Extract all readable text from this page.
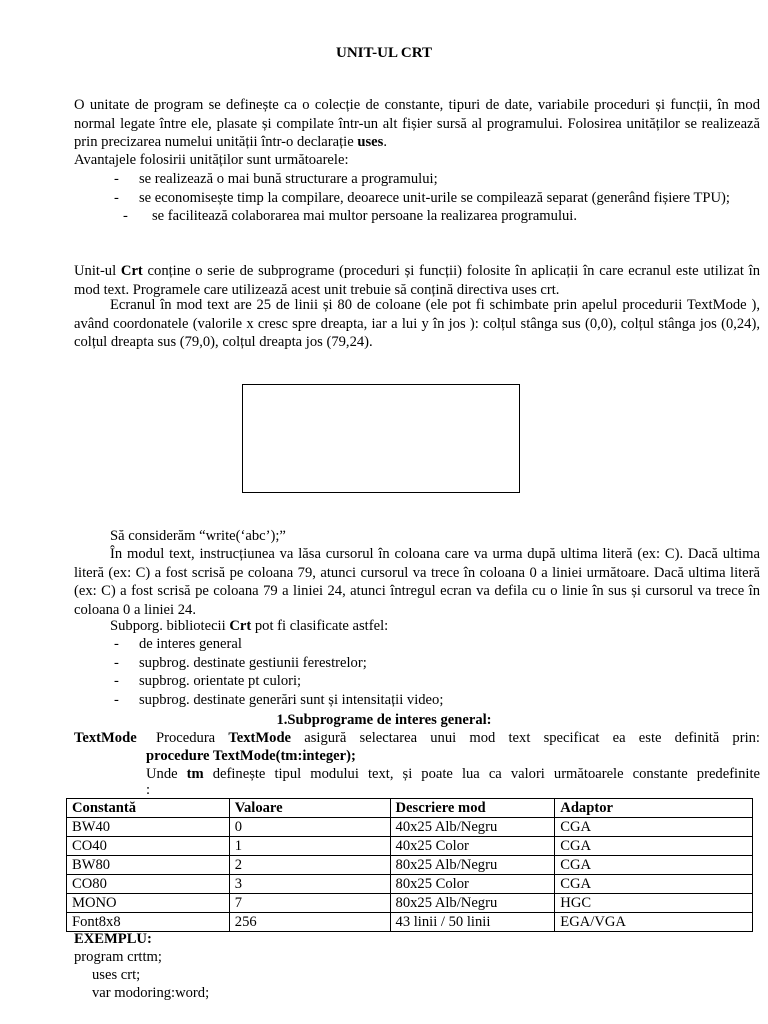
UNIT-UL CRT
O unitate de program se definește ca o colecție de constante, tipuri de date, variabile proceduri și funcții, în mod normal legate între ele, plasate și compilate într-un alt fișier sursă al programului. Folosirea unităților se realizează prin precizarea numelui unității într-o declarație uses.
Avantajele folosirii unităților sunt următoarele:
- se realizează o mai bună structurare a programului;
- se economisește timp la compilare, deoarece unit-urile se compilează separat (generând fișiere TPU);
- se facilitează colaborarea mai multor persoane la realizarea programului.
Unit-ul Crt conține o serie de subprograme (proceduri și funcții) folosite în aplicații în care ecranul este utilizat în mod text. Programele care utilizează acest unit trebuie să conțină directiva uses crt.
Ecranul în mod text are 25 de linii și 80 de coloane (ele pot fi schimbate prin apelul procedurii TextMode ), având coordonatele (valorile x cresc spre dreapta, iar a lui y în jos ): colțul stânga sus (0,0), colțul stânga jos (0,24), colțul dreapta sus (79,0), colțul dreapta jos (79,24).
Să considerăm “write(‘abc’);”
În modul text, instrucțiunea va lăsa cursorul în coloana care va urma după ultima literă (ex: C). Dacă ultima literă (ex: C) a fost scrisă pe coloana 79, atunci cursorul va trece în coloana 0 a liniei următoare. Dacă ultima literă (ex: C) a fost scrisă pe coloana 79 a liniei 24, atunci întregul ecran va defila cu o linie în sus și cursorul va trece în coloana 0 a liniei 24.
Subporg. bibliotecii Crt pot fi clasificate astfel:
- de interes general
- supbrog. destinate gestiunii ferestrelor;
- supbrog. orientate pt culori;
- supbrog. destinate generări sunt și intensitații video;
1.Subprograme de interes general:
TextMode	Procedura TextMode asigură selectarea unui mod text specificat ea este definită prin:
procedure TextMode(tm:integer);
Unde tm definește tipul modului text, și poate lua ca valori următoarele constante predefinite
:
Constantă	Valoare	Descriere mod	Adaptor
BW40	0	40x25 Alb/Negru	CGA
CO40	1	40x25 Color	CGA
BW80	2	80x25 Alb/Negru	CGA
CO80	3	80x25 Color	CGA
MONO	7	80x25 Alb/Negru	HGC
Font8x8	256	43 linii / 50 linii	EGA/VGA
EXEMPLU:
program crttm;
uses crt;
var modoring:word;
